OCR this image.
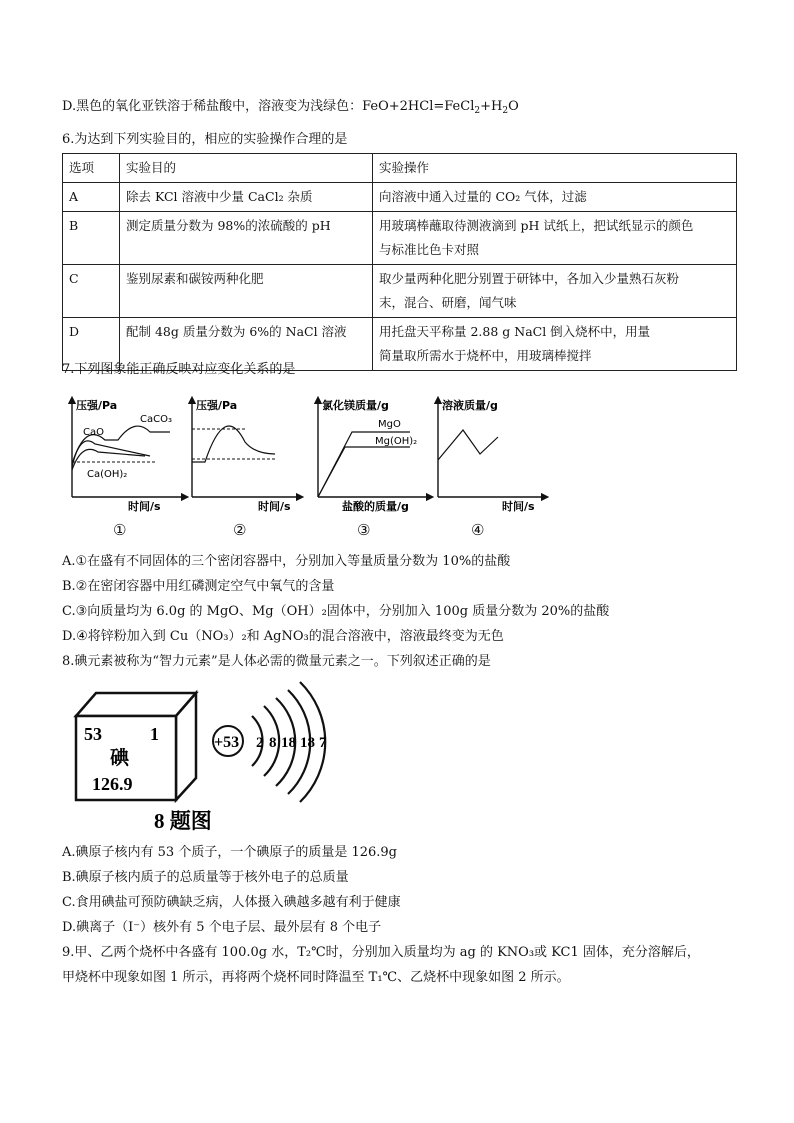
D.黑色的氧化亚铁溶于稀盐酸中，溶液变为浅绿色：$FeO+2HCl=FeCl_2+H_2O$
6.为达到下列实验目的，相应的实验操作合理的是
选项	实验目的	实验操作
A	除去 KCl 溶液中少量 CaCl₂ 杂质	向溶液中通入过量的 CO₂ 气体，过滤
B	测定质量分数为 98%的浓硫酸的 pH	用玻璃棒蘸取待测液滴到 pH 试纸上，把试纸显示的颜色
与标准比色卡对照

C	鉴别尿素和碳铵两种化肥	取少量两种化肥分别置于研钵中，各加入少量熟石灰粉
末，混合、研磨，闻气味

D	配制 48g 质量分数为 6%的 NaCl 溶液	用托盘天平称量 2.88 g NaCl 倒入烧杯中，用量
简量取所需水于烧杯中，用玻璃棒搅拌
7.下列图象能正确反映对应变化关系的是
压强/Pa
时间/s
CaCO₃
CaO
Ca(OH)₂
压强/Pa
时间/s
氯化镁质量/g
盐酸的质量/g
MgO
Mg(OH)₂
溶液质量/g
时间/s
①	②	③	④
A.①在盛有不同固体的三个密闭容器中，分别加入等量质量分数为 10%的盐酸
B.②在密闭容器中用红磷测定空气中氧气的含量
C.③向质量均为 6.0g 的 MgO、Mg（OH）₂固体中，分别加入 100g 质量分数为 20%的盐酸
D.④将锌粉加入到 Cu（NO₃）₂和 AgNO₃的混合溶液中，溶液最终变为无色
8.碘元素被称为“智力元素”是人体必需的微量元素之一。下列叙述正确的是
53	1
碘
126.9
8 题图
+53 2 8 18 18 7
A.碘原子核内有 53 个质子，一个碘原子的质量是 126.9g
B.碘原子核内质子的总质量等于核外电子的总质量
C.食用碘盐可预防碘缺乏病，人体摄入碘越多越有利于健康
D.碘离子（I⁻）核外有 5 个电子层、最外层有 8 个电子
9.甲、乙两个烧杯中各盛有 100.0g 水，T₂℃时，分别加入质量均为 ag 的 KNO₃或 KC1 固体，充分溶解后，
甲烧杯中现象如图 1 所示，再将两个烧杯同时降温至 T₁℃、乙烧杯中现象如图 2 所示。
